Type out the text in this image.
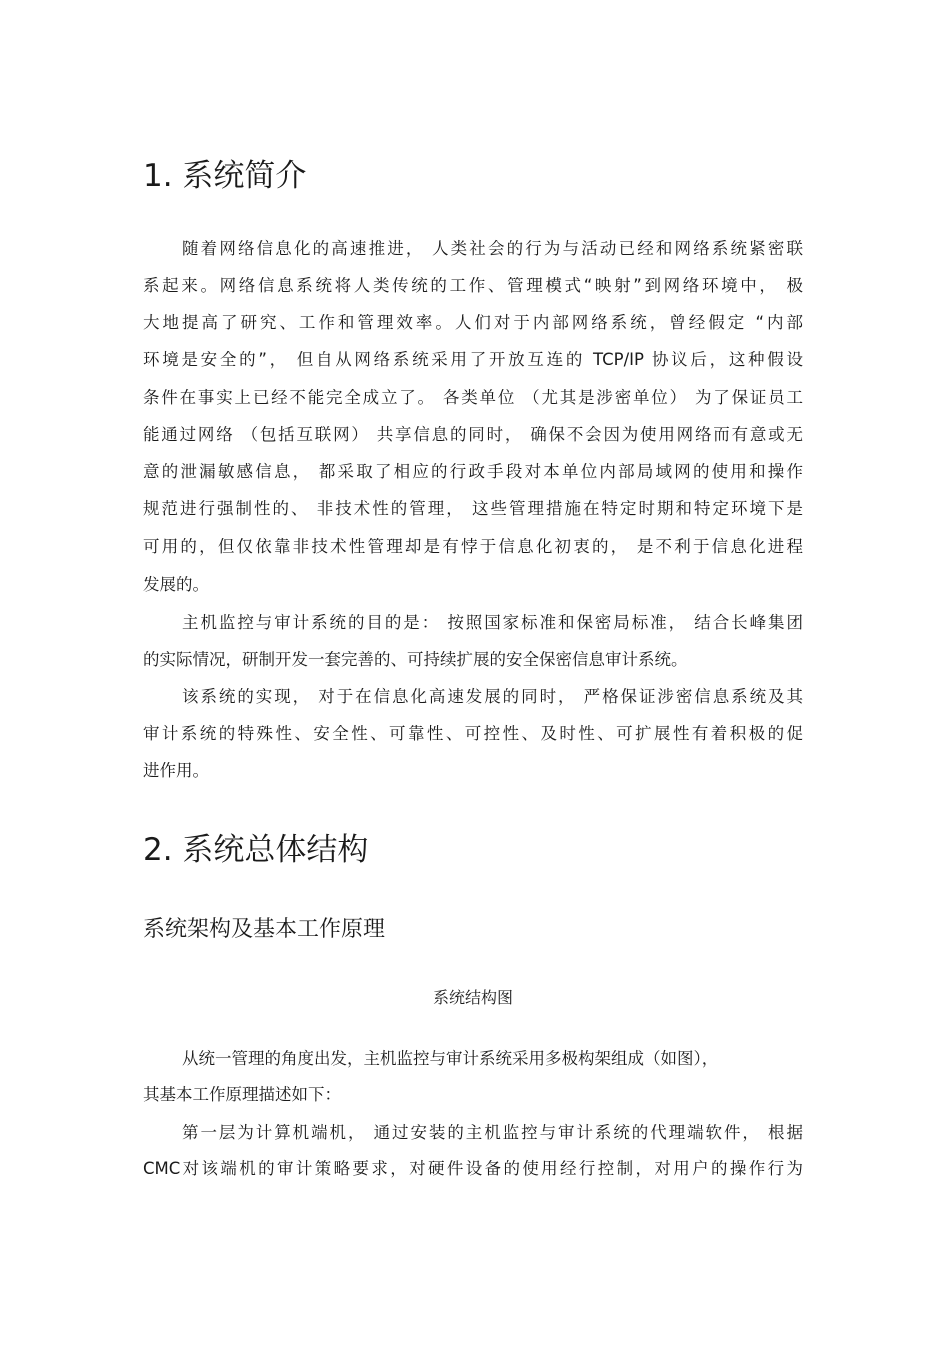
1. 系统简介
随着网络信息化的高速推进， 人类社会的行为与活动已经和网络系统紧密联
系起来。网络信息系统将人类传统的工作、管理模式“映射”到网络环境中， 极
大地提高了研究、工作和管理效率。人们对于内部网络系统，曾经假定 “内部
环境是安全的”， 但自从网络系统采用了开放互连的 TCP/IP 协议后，这种假设
条件在事实上已经不能完全成立了。 各类单位 （尤其是涉密单位） 为了保证员工
能通过网络 （包括互联网） 共享信息的同时， 确保不会因为使用网络而有意或无
意的泄漏敏感信息， 都采取了相应的行政手段对本单位内部局域网的使用和操作
规范进行强制性的、 非技术性的管理， 这些管理措施在特定时期和特定环境下是
可用的，但仅依靠非技术性管理却是有悖于信息化初衷的， 是不利于信息化进程
发展的。
主机监控与审计系统的目的是： 按照国家标准和保密局标准， 结合长峰集团
的实际情况，研制开发一套完善的、可持续扩展的安全保密信息审计系统。
该系统的实现， 对于在信息化高速发展的同时， 严格保证涉密信息系统及其
审计系统的特殊性、安全性、可靠性、可控性、及时性、可扩展性有着积极的促
进作用。
2. 系统总体结构
系统架构及基本工作原理
系统结构图
从统一管理的角度出发，主机监控与审计系统采用多极构架组成（如图），
其基本工作原理描述如下：
第一层为计算机端机， 通过安装的主机监控与审计系统的代理端软件， 根据
CMC对该端机的审计策略要求，对硬件设备的使用经行控制，对用户的操作行为
